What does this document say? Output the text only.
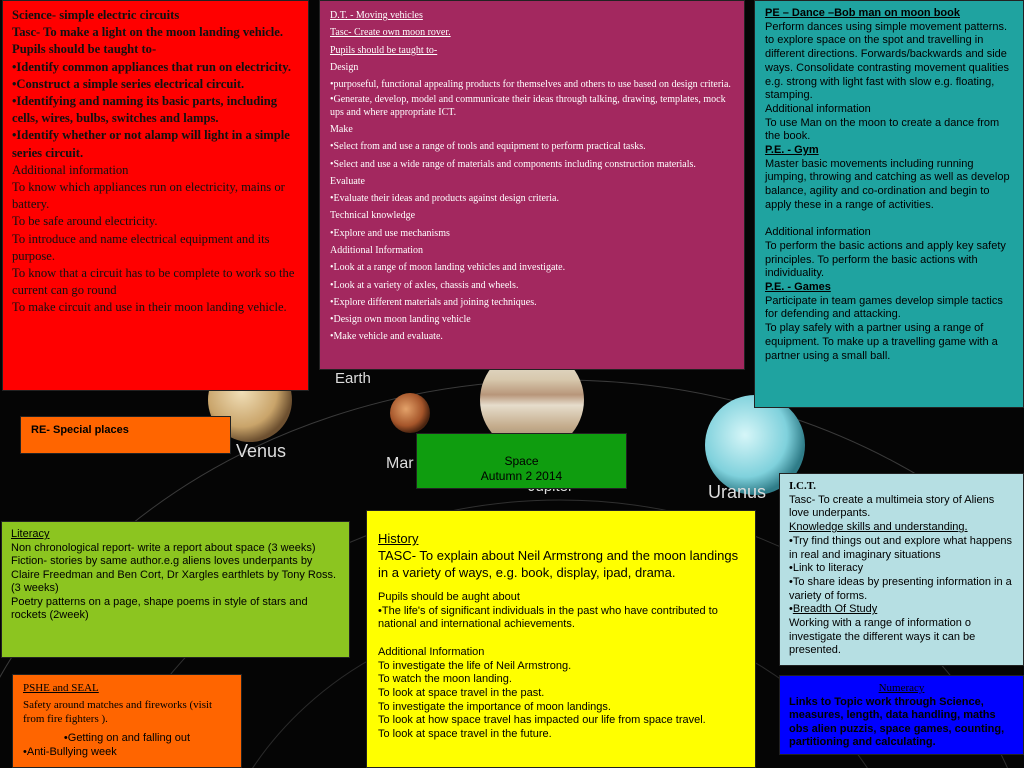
Earth
Venus
Mar
Uranus

Science- simple electric circuits

Tasc- To make a light on the moon landing vehicle.

Pupils should be taught to-

•Identify common appliances that run on electricity.

•Construct a simple series electrical circuit.

•Identifying and naming its basic parts, including cells, wires, bulbs, switches and lamps.

•Identify whether or not alamp will light in a simple series circuit.

Additional information

To know which appliances run on electricity, mains or battery.

To be safe around electricity.

To introduce and name electrical equipment and its purpose.

To know that a circuit has to be complete to work so the current can go round

To make circuit and use in their moon landing vehicle.

D.T. - Moving vehicles

Tasc- Create own moon rover.

Pupils should be taught to-

Design

•purposeful, functional appealing products for themselves and others to use based on design criteria.

•Generate, develop, model and communicate their ideas through talking, drawing, templates, mock ups and where appropriate ICT.

Make

•Select from and use a range of tools and equipment to perform practical tasks.

•Select and use a wide range of materials and components including construction materials.

Evaluate

•Evaluate their ideas and products against design criteria.

Technical knowledge

•Explore and use mechanisms

Additional Information

•Look at a range of moon landing vehicles and investigate.

•Look at a variety of axles, chassis and wheels.

•Explore different materials and joining techniques.

•Design own moon landing vehicle

•Make vehicle and evaluate.

PE – Dance –Bob man on moon book

Perform dances using simple movement patterns.

to explore space on the spot and travelling in different directions. Forwards/backwards and side ways. Consolidate contrasting movement qualities e.g. strong with light fast with slow e.g. floating, stamping.

Additional information

To use Man on the moon to create a dance from the book.

P.E. - Gym

Master basic movements including running jumping, throwing and catching as well as develop balance, agility and co-ordination and begin to apply these in a range of activities.

Additional information

To perform the basic actions and apply key safety principles. To perform the basic actions with individuality.

P.E. - Games

Participate in team games develop simple tactics for defending and attacking.

To play safely with a partner using a range of equipment. To make up a travelling game with a partner using a small ball.

RE- Special places

Space

Autumn 2 2014

I.C.T.

Tasc- To create a multimeia story of Aliens love underpants.

Knowledge skills and understanding.

•Try find things out and explore what happens in real and imaginary situations

•Link to literacy

•To share ideas by presenting information in a variety of forms.

•Breadth Of Study

Working with a range of information o investigate the different ways it can be presented.

Literacy

Non chronological report- write a report about space (3 weeks)

Fiction- stories by same author.e.g aliens loves underpants by Claire Freedman and Ben Cort, Dr Xargles earthlets by Tony Ross. (3 weeks)

Poetry patterns on a page, shape poems in style of stars and rockets (2week)

History

TASC- To explain about Neil Armstrong and the moon landings in a variety of ways, e.g. book, display, ipad, drama.

Pupils should be aught about

•The life's of significant individuals in the past who have contributed to national and international achievements.

Additional Information

To investigate the life of Neil Armstrong.

To watch the moon landing.

To look at space travel in the past.

To investigate the importance of moon landings.

To look at how space travel has impacted our life from space travel.

To look at space travel in the future.

PSHE and SEAL

Safety around matches and fireworks (visit from fire fighters ).

•Getting on and falling out

•Anti-Bullying week

Numeracy

Links to Topic work through Science, measures, length, data handling, maths obs alien puzzis, space games, counting, partitioning and calculating.
